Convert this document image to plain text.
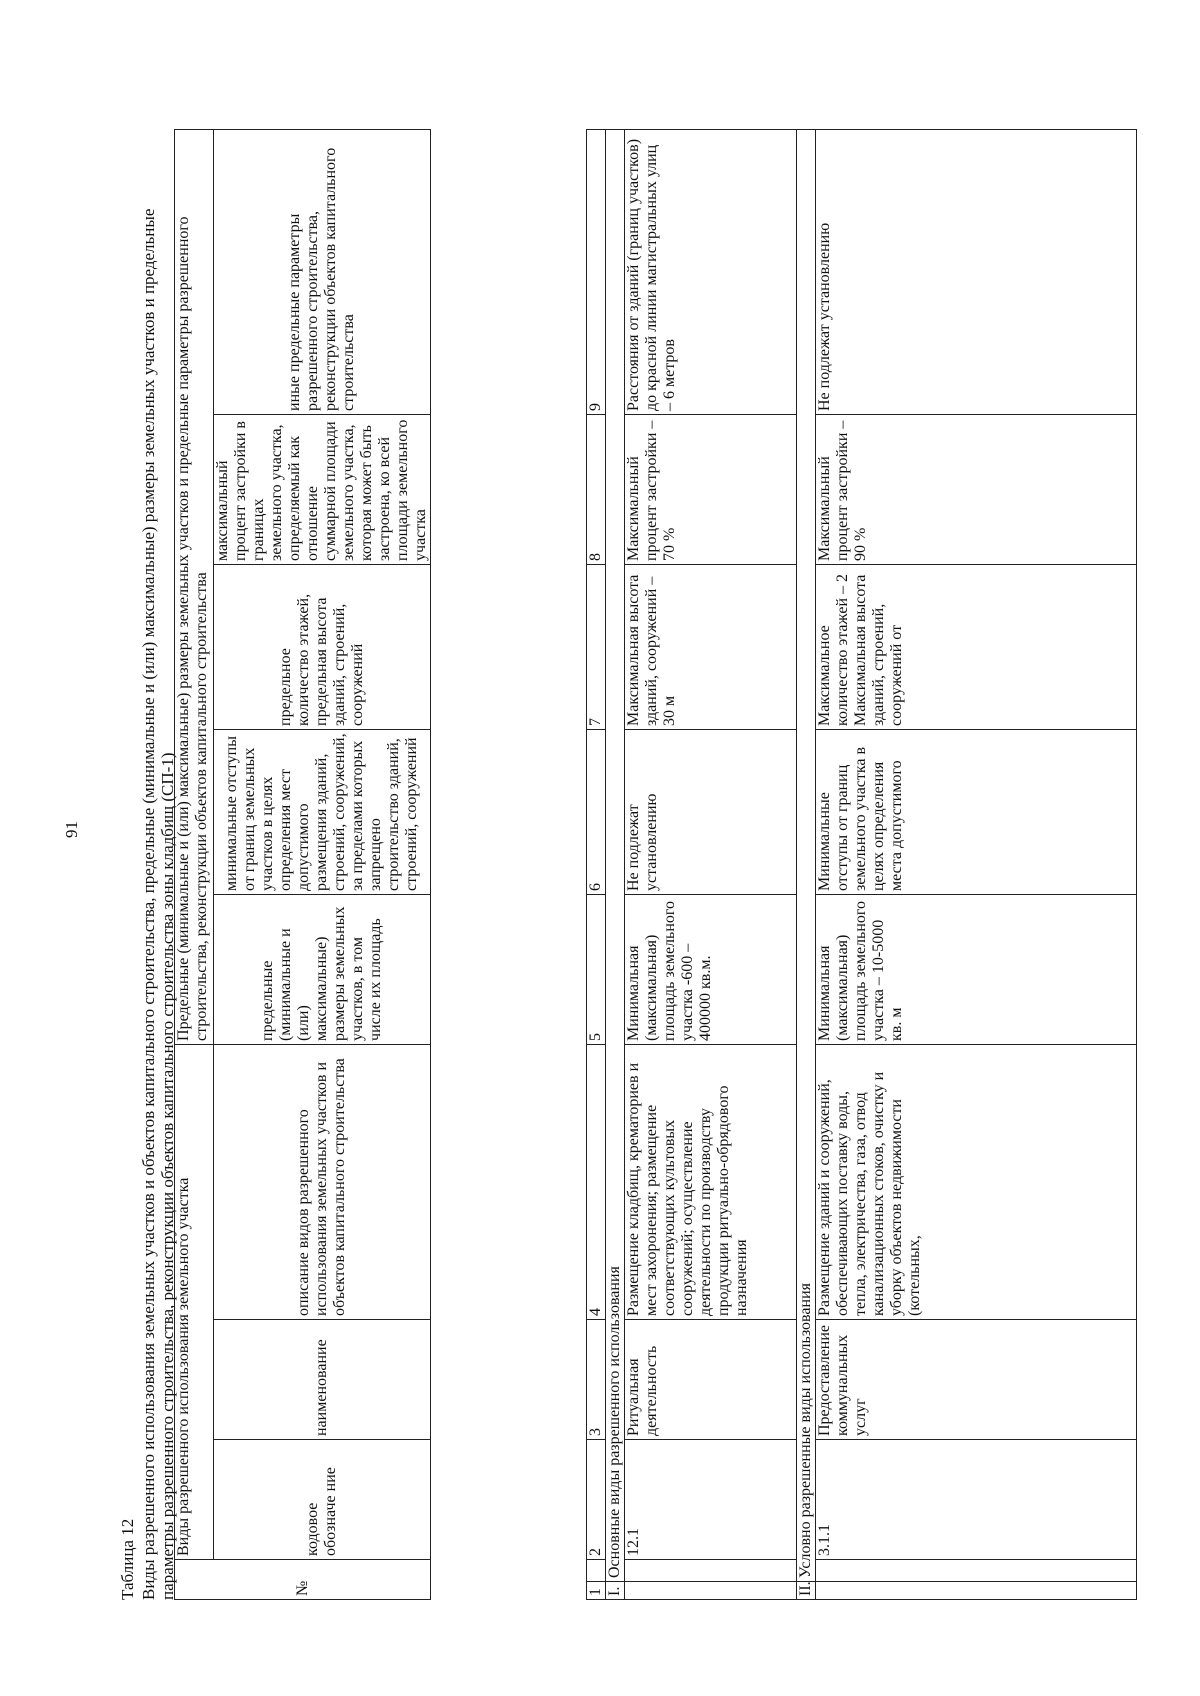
91
Таблица 12 Виды разрешенного использования земельных участков и объектов капитального строительства, предельные (минимальные и (или) максимальные) размеры земельных участков и предельные параметры разрешенного строительства, реконструкции объектов капитального строительства зоны кладбищ (СП-1)	№	Виды разрешенного использования земельного участка			Предельные (минимальные и (или) максимальные) размеры земельных участков и предельные параметры разрешенного строительства, реконструкции объектов капитального строительства				
	кодовое обозначе ние	наименование	описание видов разрешенного использования земельных участков и объектов капитального строительства	предельные (минимальные и (или) максимальные) размеры земельных участков, в том числе их площадь	минимальные отступы от границ земельных участков в целях определения мест допустимого размещения зданий, строений, сооружений, за пределами которых запрещено строительство зданий, строений, сооружений	предельное количество этажей, предельная высота зданий, строений, сооружений	максимальный процент застройки в границах земельного участка, определяемый как отношение суммарной площади земельного участка, которая может быть застроена, ко всей площади земельного участка	иные предельные параметры разрешенного строительства, реконструкции объектов капитального строительства

1		2	3	4	5	6	7	8	9
I.	Основные виды разрешенного использования								
		12.1	Ритуальная деятельность	Размещение кладбищ, крематориев и мест захоронения; размещение соответствующих культовых сооружений; осуществление деятельности по производству продукции ритуально-обрядового назначения	Минимальная (максимальная) площадь земельного участка -600 – 400000 кв.м.	Не подлежат установлению	Максимальная высота зданий, сооружений – 30 м	Максимальный процент застройки – 70 %	Расстояния от зданий (границ участков) до красной линии магистральных улиц – 6 метров
II.	Условно разрешенные виды использования								
		3.1.1	Предоставление коммунальных услуг	Размещение зданий и сооружений, обеспечивающих поставку воды, тепла, электричества, газа, отвод канализационных стоков, очистку и уборку объектов недвижимости (котельных,	Минимальная (максимальная) площадь земельного участка – 10-5000 кв. м	Минимальные отступы от границ земельного участка в целях определения места допустимого	Максимальное количество этажей – 2 Максимальная высота зданий, строений, сооружений от	Максимальный процент застройки – 90 %	Не подлежат установлению
